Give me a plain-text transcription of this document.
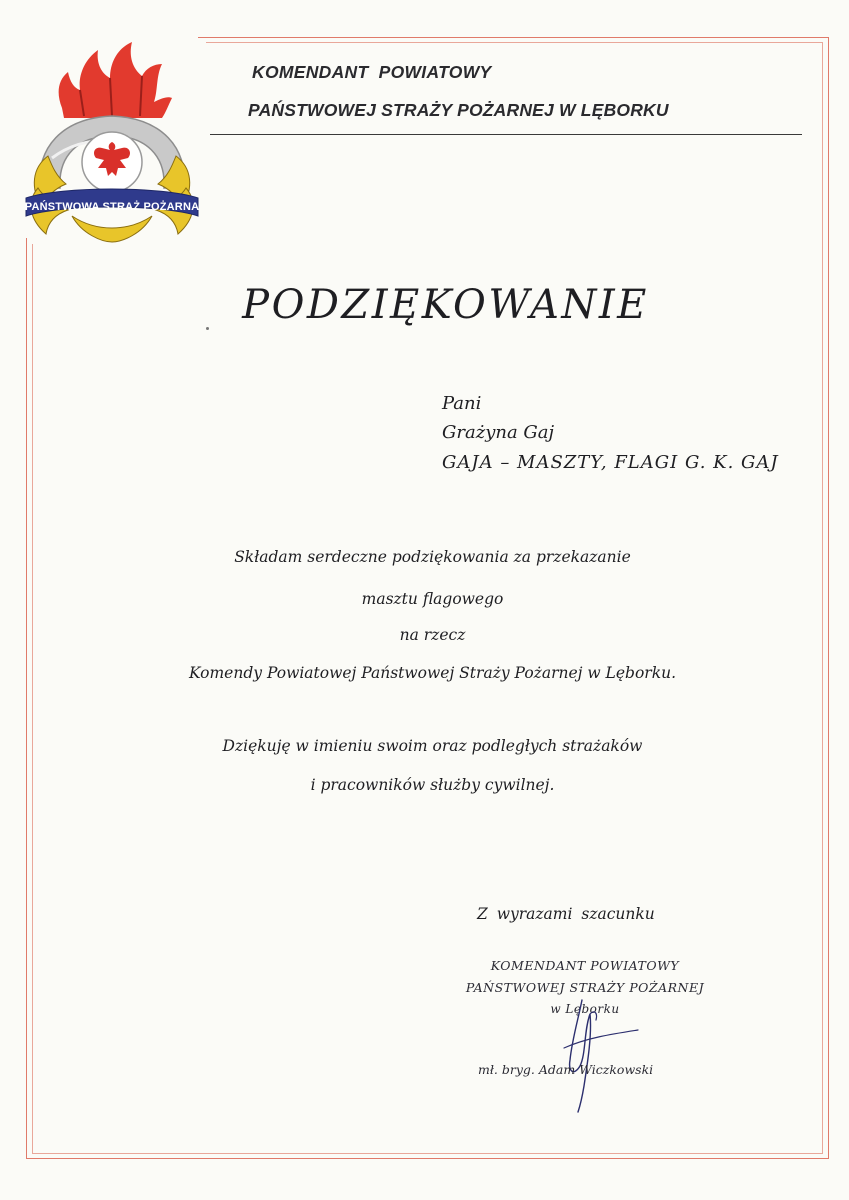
PAŃSTWOWA STRAŻ POŻARNA
KOMENDANT POWIATOWY
PAŃSTWOWEJ STRAŻY POŻARNEJ W LĘBORKU
PODZIĘKOWANIE
Pani
Grażyna Gaj
GAJA – MASZTY, FLAGI G. K. GAJ
Składam serdeczne podziękowania za przekazanie
masztu flagowego
na rzecz
Komendy Powiatowej Państwowej Straży Pożarnej w Lęborku.
Dziękuję w imieniu swoim oraz podległych strażaków
i pracowników służby cywilnej.
Z wyrazami szacunku
KOMENDANT POWIATOWY
PAŃSTWOWEJ STRAŻY POŻARNEJ
w Lęborku
mł. bryg. Adam Wiczkowski
